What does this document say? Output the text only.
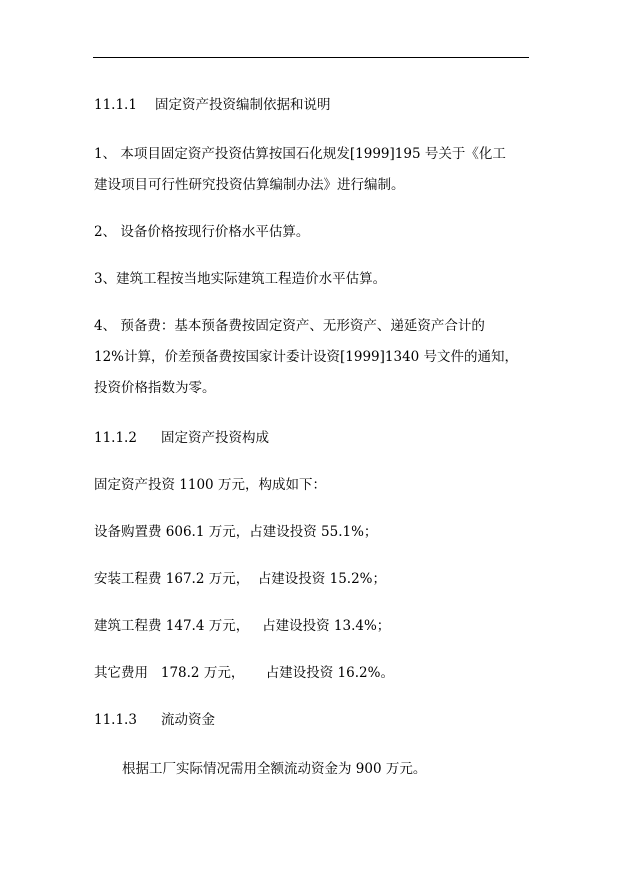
11.1.1 固定资产投资编制依据和说明
1、 本项目固定资产投资估算按国石化规发[1999]195 号关于《化工
建设项目可行性研究投资估算编制办法》进行编制。
2、 设备价格按现行价格水平估算。
3、建筑工程按当地实际建筑工程造价水平估算。
4、 预备费：基本预备费按固定资产、无形资产、递延资产合计的
12%计算，价差预备费按国家计委计设资[1999]1340 号文件的通知，
投资价格指数为零。
11.1.2 固定资产投资构成
固定资产投资 1100 万元，构成如下：
设备购置费 606.1 万元，占建设投资 55.1%；
安装工程费 167.2 万元，  占建设投资 15.2%；
建筑工程费 147.4 万元，   占建设投资 13.4%；
其它费用   178.2 万元，     占建设投资 16.2%。
11.1.3 流动资金
根据工厂实际情况需用全额流动资金为 900 万元。
